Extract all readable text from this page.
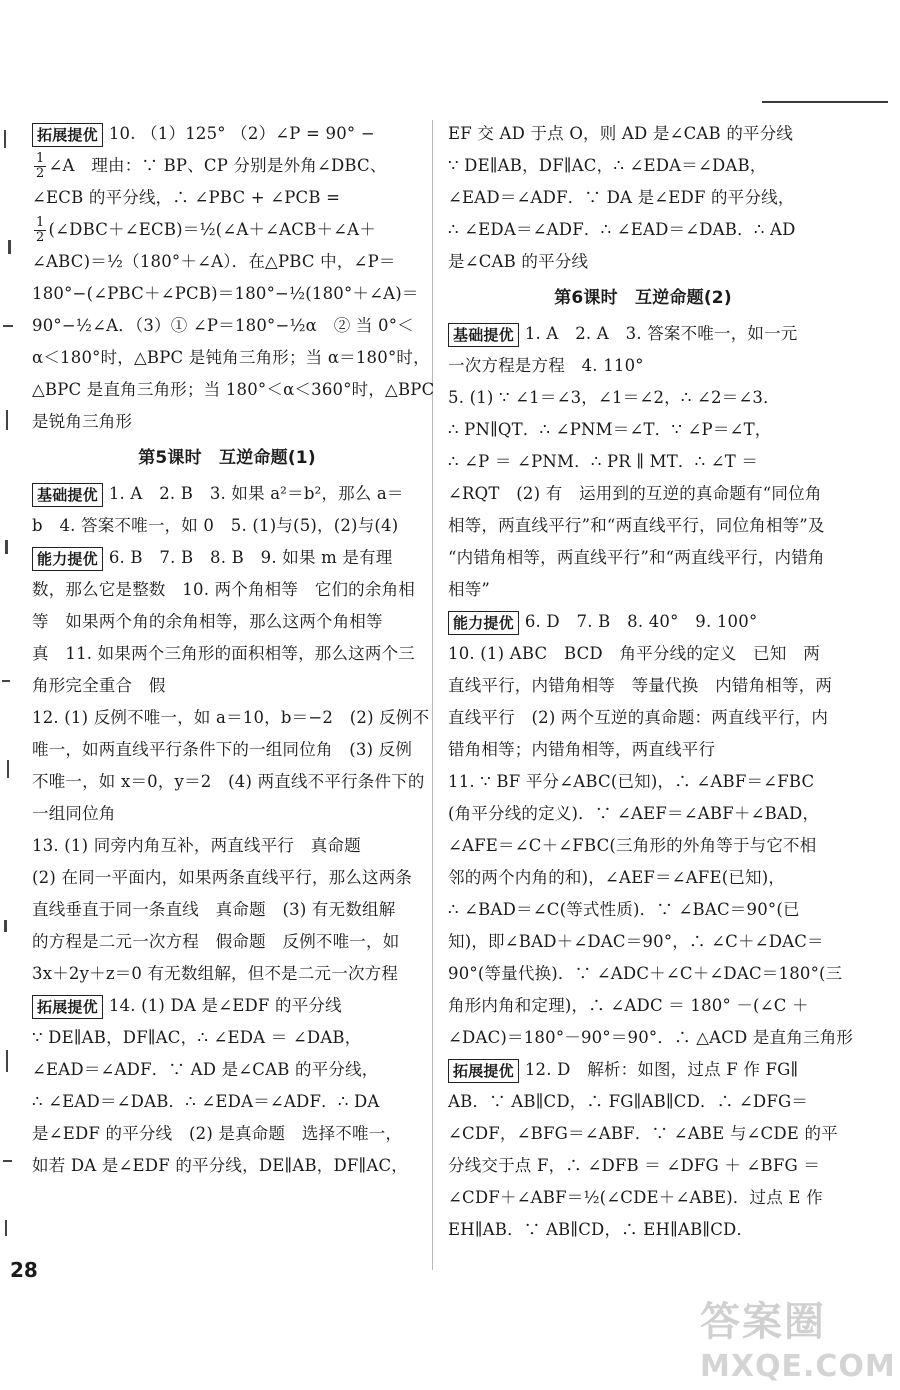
拓展提优 10. （1）125° （2）∠P = 90° −
$\frac{1}{2}$ ∠A　理由：∵ BP、CP 分别是外角∠DBC、
∠ECB 的平分线，∴ ∠PBC + ∠PCB =
$\frac{1}{2}$ (∠DBC＋∠ECB)＝½(∠A＋∠ACB＋∠A＋
∠ABC)＝½（180°＋∠A）．在△PBC 中，∠P＝
180°−(∠PBC＋∠PCB)＝180°−½(180°＋∠A)＝
90°−½∠A．（3）① ∠P＝180°−½α　② 当 0°＜
α＜180°时，△BPC 是钝角三角形；当 α＝180°时，
△BPC 是直角三角形；当 180°＜α＜360°时，△BPC
是锐角三角形
第5课时　互逆命题(1)
基础提优 1. A　2. B　3. 如果 a²＝b²，那么 a＝
b　4. 答案不唯一，如 0　5. (1)与(5)，(2)与(4)
能力提优 6. B　7. B　8. B　9. 如果 m 是有理
数，那么它是整数　10. 两个角相等　它们的余角相
等　如果两个角的余角相等，那么这两个角相等
真　11. 如果两个三角形的面积相等，那么这两个三
角形完全重合　假
12. (1) 反例不唯一，如 a＝10，b＝−2　(2) 反例不
唯一，如两直线平行条件下的一组同位角　(3) 反例
不唯一，如 x＝0，y＝2　(4) 两直线不平行条件下的
一组同位角
13. (1) 同旁内角互补，两直线平行　真命题
(2) 在同一平面内，如果两条直线平行，那么这两条
直线垂直于同一条直线　真命题　(3) 有无数组解
的方程是二元一次方程　假命题　反例不唯一，如
3x＋2y＋z＝0 有无数组解，但不是二元一次方程
拓展提优 14. (1) DA 是∠EDF 的平分线
∵ DE∥AB，DF∥AC，∴ ∠EDA ＝ ∠DAB，
∠EAD＝∠ADF．∵ AD 是∠CAB 的平分线，
∴ ∠EAD＝∠DAB．∴ ∠EDA＝∠ADF．∴ DA
是∠EDF 的平分线　(2) 是真命题　选择不唯一，
如若 DA 是∠EDF 的平分线，DE∥AB，DF∥AC，
EF 交 AD 于点 O，则 AD 是∠CAB 的平分线
∵ DE∥AB，DF∥AC，∴ ∠EDA＝∠DAB，
∠EAD＝∠ADF．∵ DA 是∠EDF 的平分线，
∴ ∠EDA＝∠ADF．∴ ∠EAD＝∠DAB．∴ AD
是∠CAB 的平分线
第6课时　互逆命题(2)
基础提优 1. A　2. A　3. 答案不唯一，如一元
一次方程是方程　4. 110°
5. (1) ∵ ∠1＝∠3，∠1＝∠2，∴ ∠2＝∠3．
∴ PN∥QT．∴ ∠PNM＝∠T．∵ ∠P＝∠T，
∴ ∠P ＝ ∠PNM．∴ PR ∥ MT．∴ ∠T ＝
∠RQT　(2) 有　运用到的互逆的真命题有“同位角
相等，两直线平行”和“两直线平行，同位角相等”及
“内错角相等，两直线平行”和“两直线平行，内错角
相等”
能力提优 6. D　7. B　8. 40°　9. 100°
10. (1) ABC　BCD　角平分线的定义　已知　两
直线平行，内错角相等　等量代换　内错角相等，两
直线平行　(2) 两个互逆的真命题：两直线平行，内
错角相等；内错角相等，两直线平行
11. ∵ BF 平分∠ABC(已知)，∴ ∠ABF＝∠FBC
(角平分线的定义)．∵ ∠AEF＝∠ABF＋∠BAD，
∠AFE＝∠C＋∠FBC(三角形的外角等于与它不相
邻的两个内角的和)，∠AEF＝∠AFE(已知)，
∴ ∠BAD＝∠C(等式性质)．∵ ∠BAC＝90°(已
知)，即∠BAD＋∠DAC＝90°，∴ ∠C＋∠DAC＝
90°(等量代换)．∵ ∠ADC＋∠C＋∠DAC＝180°(三
角形内角和定理)，∴ ∠ADC ＝ 180° －(∠C ＋
∠DAC)＝180°－90°＝90°．∴ △ACD 是直角三角形
拓展提优 12. D　解析：如图，过点 F 作 FG∥
AB．∵ AB∥CD，∴ FG∥AB∥CD．∴ ∠DFG＝
∠CDF，∠BFG＝∠ABF．∵ ∠ABE 与∠CDE 的平
分线交于点 F，∴ ∠DFB ＝ ∠DFG ＋ ∠BFG ＝
∠CDF＋∠ABF＝½(∠CDE＋∠ABE)．过点 E 作
EH∥AB．∵ AB∥CD，∴ EH∥AB∥CD．
28
答案圈
MXQE.COM
